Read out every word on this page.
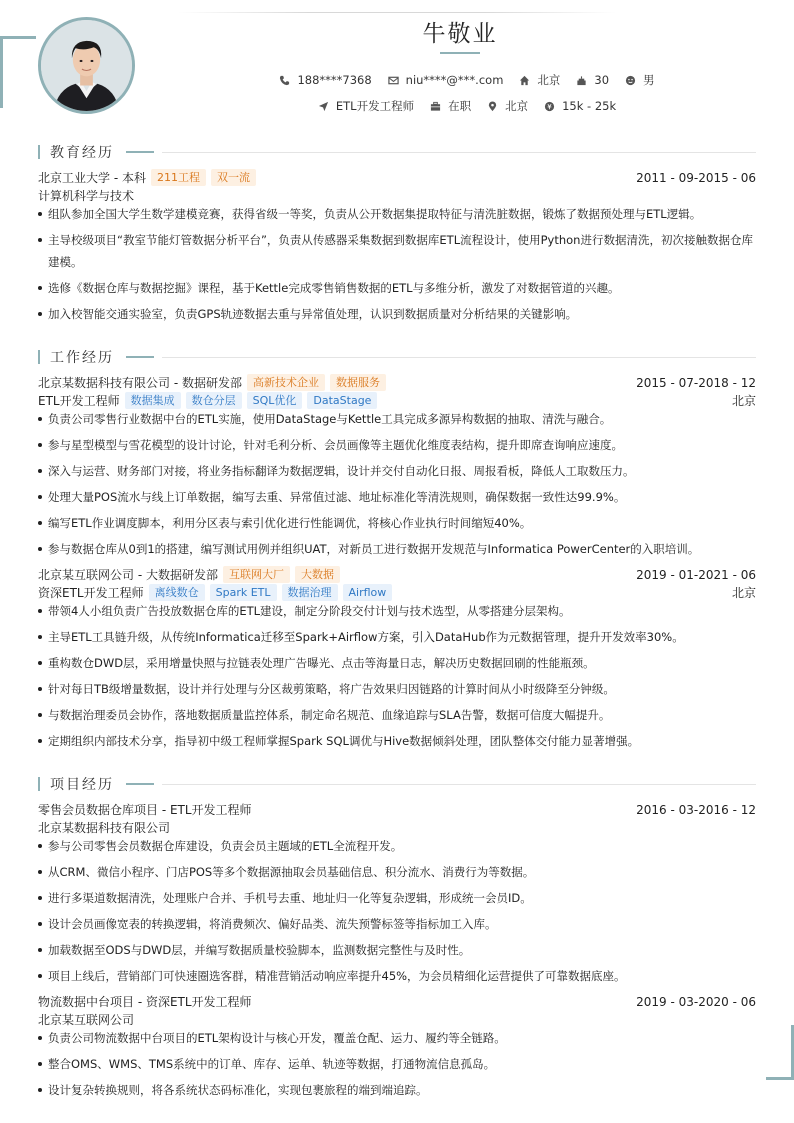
牛敬业
188****7368	niu****@***.com	北京	30	男
ETL开发工程师	在职	北京	15k - 25k
教育经历
北京工业大学 - 本科	211工程	双一流	2011 - 09-2015 - 06
计算机科学与技术
组队参加全国大学生数学建模竞赛，获得省级一等奖，负责从公开数据集提取特征与清洗脏数据，锻炼了数据预处理与ETL逻辑。
主导校级项目“教室节能灯管数据分析平台”，负责从传感器采集数据到数据库ETL流程设计，使用Python进行数据清洗，初次接触数据仓库建模。
选修《数据仓库与数据挖掘》课程，基于Kettle完成零售销售数据的ETL与多维分析，激发了对数据管道的兴趣。
加入校智能交通实验室，负责GPS轨迹数据去重与异常值处理，认识到数据质量对分析结果的关键影响。
工作经历
北京某数据科技有限公司 - 数据研发部	高新技术企业	数据服务	2015 - 07-2018 - 12
ETL开发工程师	数据集成	数仓分层	SQL优化	DataStage	北京
负责公司零售行业数据中台的ETL实施，使用DataStage与Kettle工具完成多源异构数据的抽取、清洗与融合。
参与星型模型与雪花模型的设计讨论，针对毛利分析、会员画像等主题优化维度表结构，提升即席查询响应速度。
深入与运营、财务部门对接，将业务指标翻译为数据逻辑，设计并交付自动化日报、周报看板，降低人工取数压力。
处理大量POS流水与线上订单数据，编写去重、异常值过滤、地址标准化等清洗规则，确保数据一致性达99.9%。
编写ETL作业调度脚本，利用分区表与索引优化进行性能调优，将核心作业执行时间缩短40%。
参与数据仓库从0到1的搭建，编写测试用例并组织UAT，对新员工进行数据开发规范与Informatica PowerCenter的入职培训。
北京某互联网公司 - 大数据研发部	互联网大厂	大数据	2019 - 01-2021 - 06
资深ETL开发工程师	离线数仓	Spark ETL	数据治理	Airflow	北京
带领4人小组负责广告投放数据仓库的ETL建设，制定分阶段交付计划与技术选型，从零搭建分层架构。
主导ETL工具链升级，从传统Informatica迁移至Spark+Airflow方案，引入DataHub作为元数据管理，提升开发效率30%。
重构数仓DWD层，采用增量快照与拉链表处理广告曝光、点击等海量日志，解决历史数据回刷的性能瓶颈。
针对每日TB级增量数据，设计并行处理与分区裁剪策略，将广告效果归因链路的计算时间从小时级降至分钟级。
与数据治理委员会协作，落地数据质量监控体系，制定命名规范、血缘追踪与SLA告警，数据可信度大幅提升。
定期组织内部技术分享，指导初中级工程师掌握Spark SQL调优与Hive数据倾斜处理，团队整体交付能力显著增强。
项目经历
零售会员数据仓库项目 - ETL开发工程师	2016 - 03-2016 - 12
北京某数据科技有限公司
参与公司零售会员数据仓库建设，负责会员主题域的ETL全流程开发。
从CRM、微信小程序、门店POS等多个数据源抽取会员基础信息、积分流水、消费行为等数据。
进行多渠道数据清洗，处理账户合并、手机号去重、地址归一化等复杂逻辑，形成统一会员ID。
设计会员画像宽表的转换逻辑，将消费频次、偏好品类、流失预警标签等指标加工入库。
加载数据至ODS与DWD层，并编写数据质量校验脚本，监测数据完整性与及时性。
项目上线后，营销部门可快速圈选客群，精准营销活动响应率提升45%，为会员精细化运营提供了可靠数据底座。
物流数据中台项目 - 资深ETL开发工程师	2019 - 03-2020 - 06
北京某互联网公司
负责公司物流数据中台项目的ETL架构设计与核心开发，覆盖仓配、运力、履约等全链路。
整合OMS、WMS、TMS系统中的订单、库存、运单、轨迹等数据，打通物流信息孤岛。
设计复杂转换规则，将各系统状态码标准化，实现包裹旅程的端到端追踪。
